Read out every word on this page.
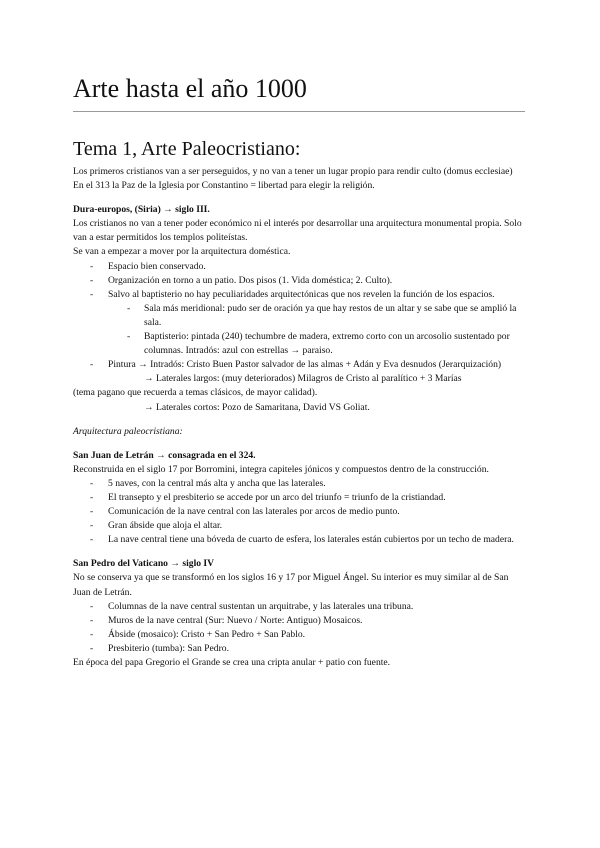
Arte hasta el año 1000
Tema 1, Arte Paleocristiano:

Los primeros cristianos van a ser perseguidos, y no van a tener un lugar propio para rendir culto (domus ecclesiae)

En el 313 la Paz de la Iglesia por Constantino = libertad para elegir la religión.

Dura-europos, (Siria) → siglo III.

Los cristianos no van a tener poder económico ni el interés por desarrollar una arquitectura monumental propia. Solo van a estar permitidos los templos politeístas.

Se van a empezar a mover por la arquitectura doméstica.

- Espacio bien conservado.
- Organización en torno a un patio. Dos pisos (1. Vida doméstica; 2. Culto).
- Salvo al baptisterio no hay peculiaridades arquitectónicas que nos revelen la función de los espacios.
- Sala más meridional: pudo ser de oración ya que hay restos de un altar y se sabe que se amplió la sala.
- Baptisterio: pintada (240) techumbre de madera, extremo corto con un arcosolio sustentado por columnas. Intradós: azul con estrellas → paraiso.
- Pintura → Intradós: Cristo Buen Pastor salvador de las almas + Adán y Eva desnudos (Jerarquización)

→ Laterales largos: (muy deteriorados) Milagros de Cristo al paralítico + 3 Marías

(tema pagano que recuerda a temas clásicos, de mayor calidad).

→ Laterales cortos: Pozo de Samaritana, David VS Goliat.

Arquitectura paleocristiana:

San Juan de Letrán → consagrada en el 324.

Reconstruida en el siglo 17 por Borromini, integra capiteles jónicos y compuestos dentro de la construcción.

- 5 naves, con la central más alta y ancha que las laterales.
- El transepto y el presbiterio se accede por un arco del triunfo = triunfo de la cristiandad.
- Comunicación de la nave central con las laterales por arcos de medio punto.
- Gran ábside que aloja el altar.
- La nave central tiene una bóveda de cuarto de esfera, los laterales están cubiertos por un techo de madera.

San Pedro del Vaticano → siglo IV

No se conserva ya que se transformó en los siglos 16 y 17 por Miguel Ángel. Su interior es muy similar al de San Juan de Letrán.

- Columnas de la nave central sustentan un arquitrabe, y las laterales una tribuna.
- Muros de la nave central (Sur: Nuevo / Norte: Antiguo) Mosaicos.
- Ábside (mosaico): Cristo + San Pedro + San Pablo.
- Presbiterio (tumba): San Pedro.

En época del papa Gregorio el Grande se crea una cripta anular + patio con fuente.
